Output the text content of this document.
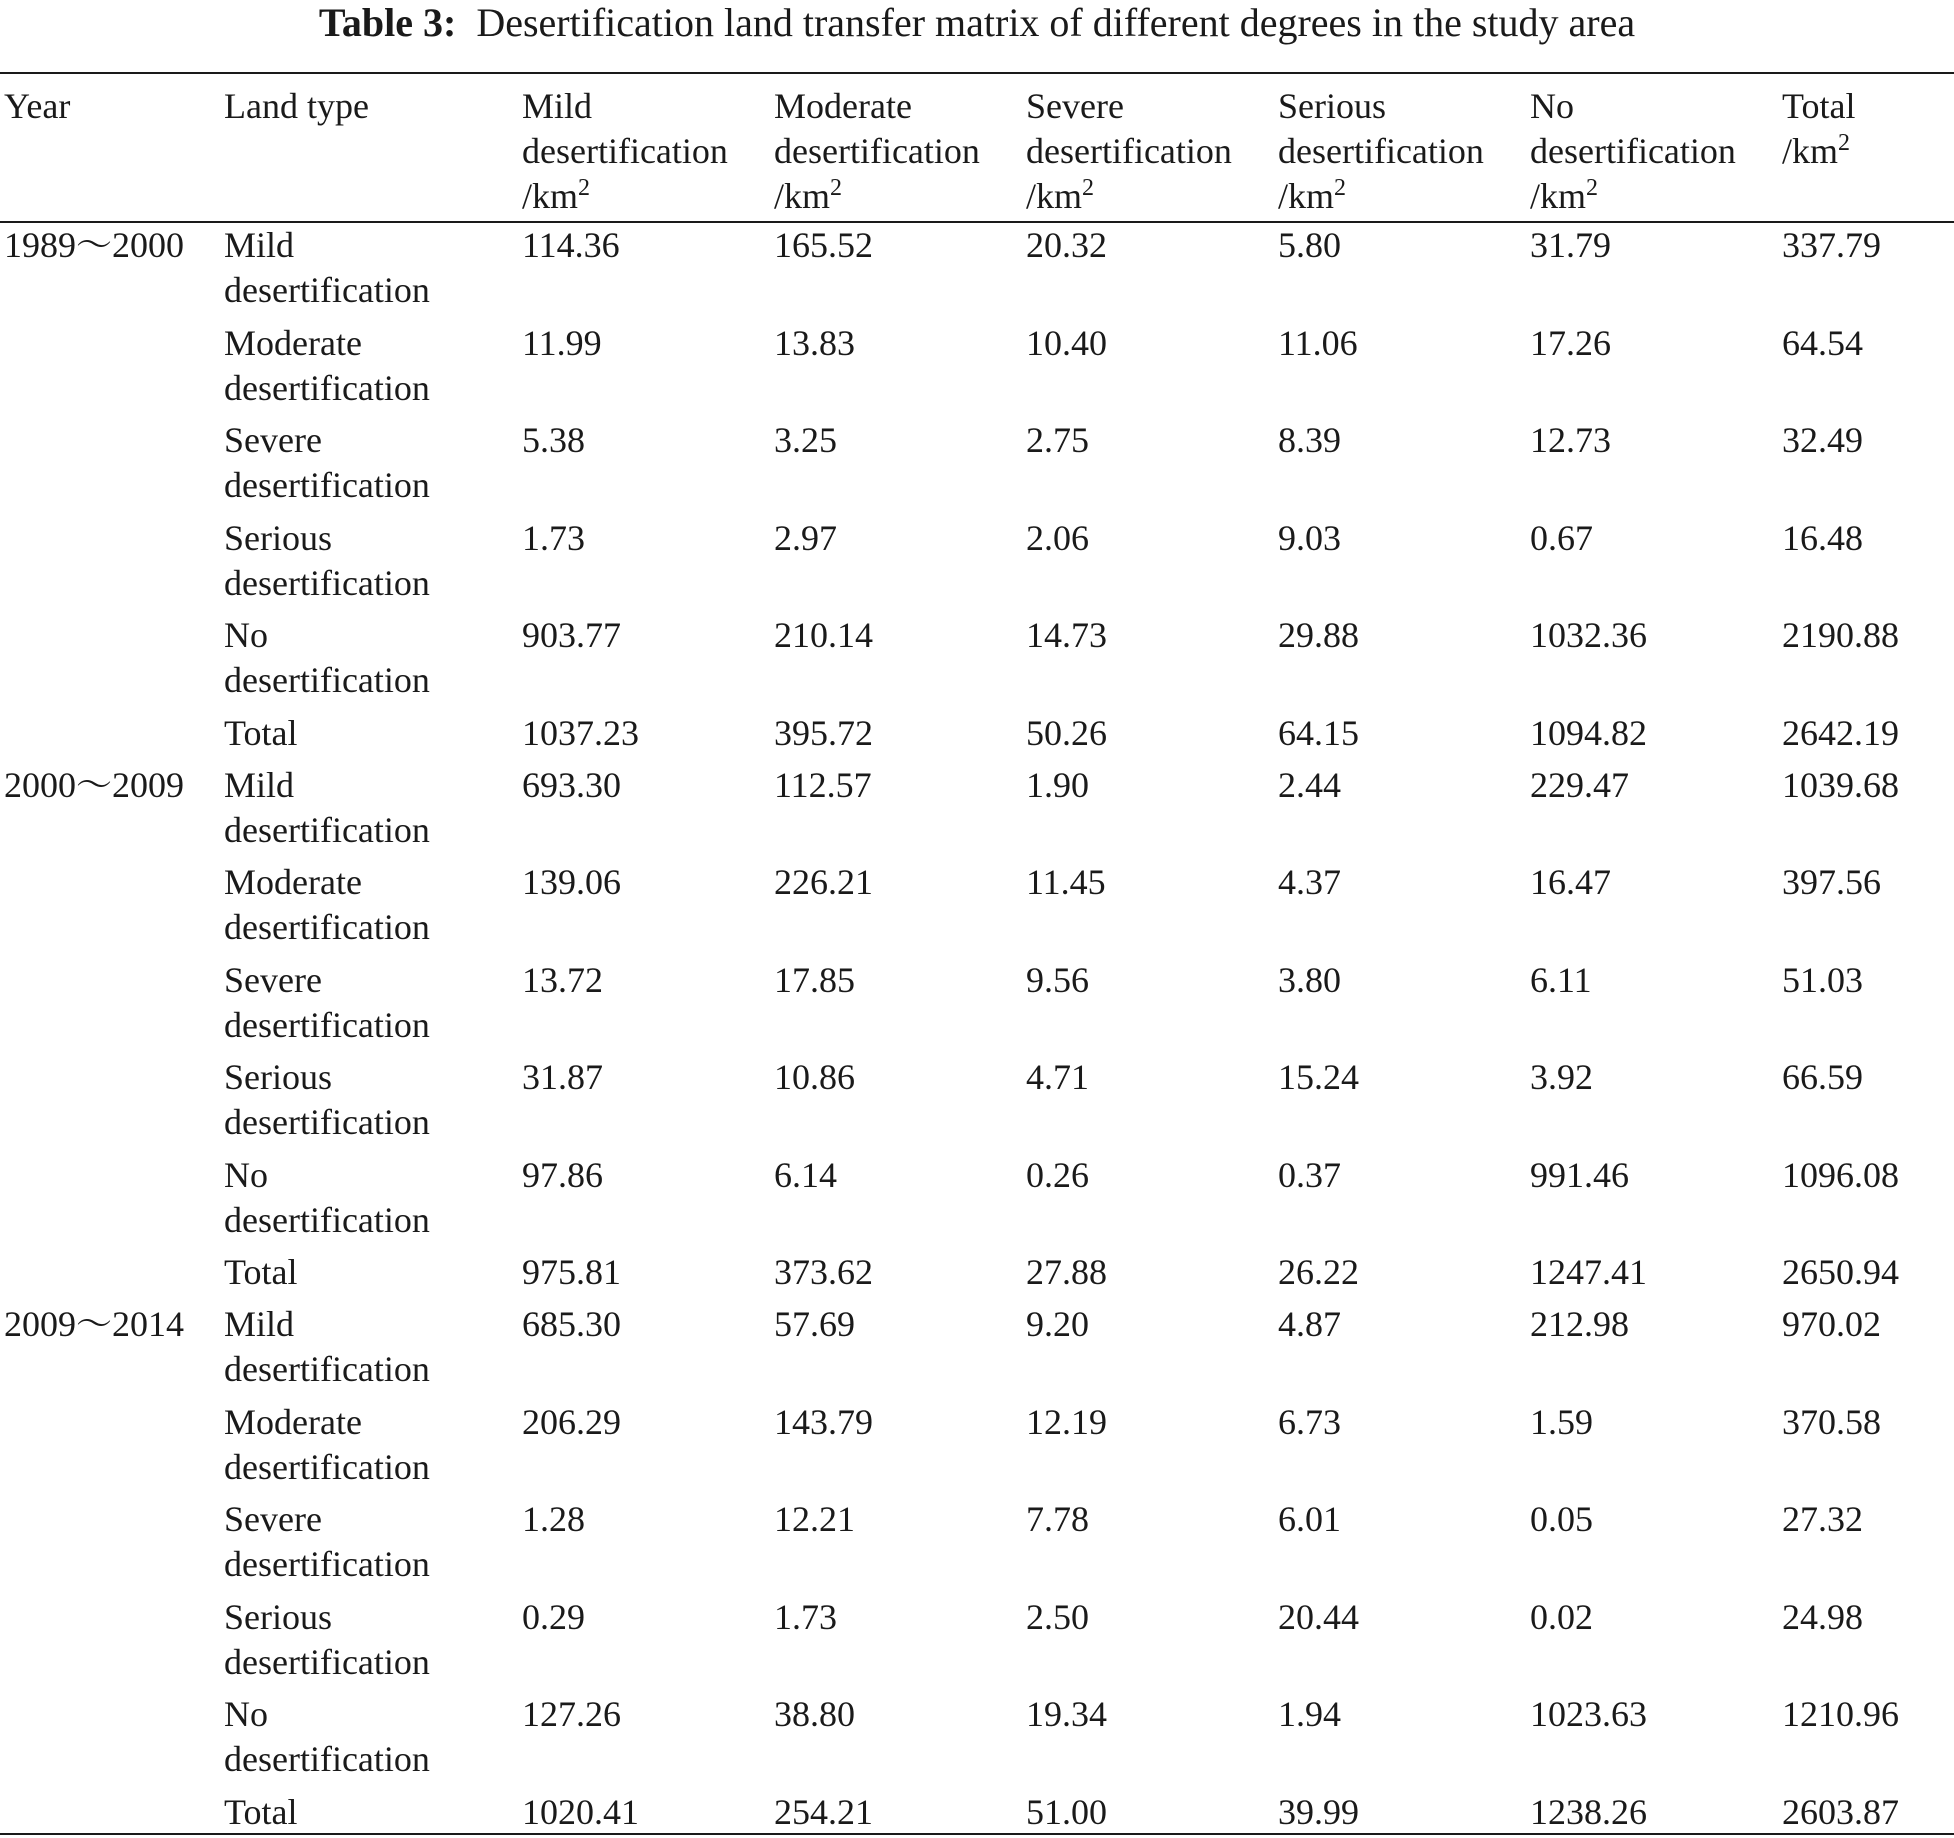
Table 3: Desertification land transfer matrix of different degrees in the study area
Year	Land type	Mild
desertification
$/km^2$	Moderate
desertification
$/km^2$	Severe
desertification
$/km^2$	Serious
desertification
$/km^2$	No
desertification
$/km^2$	Total
$/km^2$
1989～2000	Mild
desertification	114.36	165.52	20.32	5.80	31.79	337.79
	Moderate
desertification	11.99	13.83	10.40	11.06	17.26	64.54
	Severe
desertification	5.38	3.25	2.75	8.39	12.73	32.49
	Serious
desertification	1.73	2.97	2.06	9.03	0.67	16.48
	No
desertification	903.77	210.14	14.73	29.88	1032.36	2190.88
	Total	1037.23	395.72	50.26	64.15	1094.82	2642.19
2000～2009	Mild
desertification	693.30	112.57	1.90	2.44	229.47	1039.68
	Moderate
desertification	139.06	226.21	11.45	4.37	16.47	397.56
	Severe
desertification	13.72	17.85	9.56	3.80	6.11	51.03
	Serious
desertification	31.87	10.86	4.71	15.24	3.92	66.59
	No
desertification	97.86	6.14	0.26	0.37	991.46	1096.08
	Total	975.81	373.62	27.88	26.22	1247.41	2650.94
2009～2014	Mild
desertification	685.30	57.69	9.20	4.87	212.98	970.02
	Moderate
desertification	206.29	143.79	12.19	6.73	1.59	370.58
	Severe
desertification	1.28	12.21	7.78	6.01	0.05	27.32
	Serious
desertification	0.29	1.73	2.50	20.44	0.02	24.98
	No
desertification	127.26	38.80	19.34	1.94	1023.63	1210.96
	Total	1020.41	254.21	51.00	39.99	1238.26	2603.87
